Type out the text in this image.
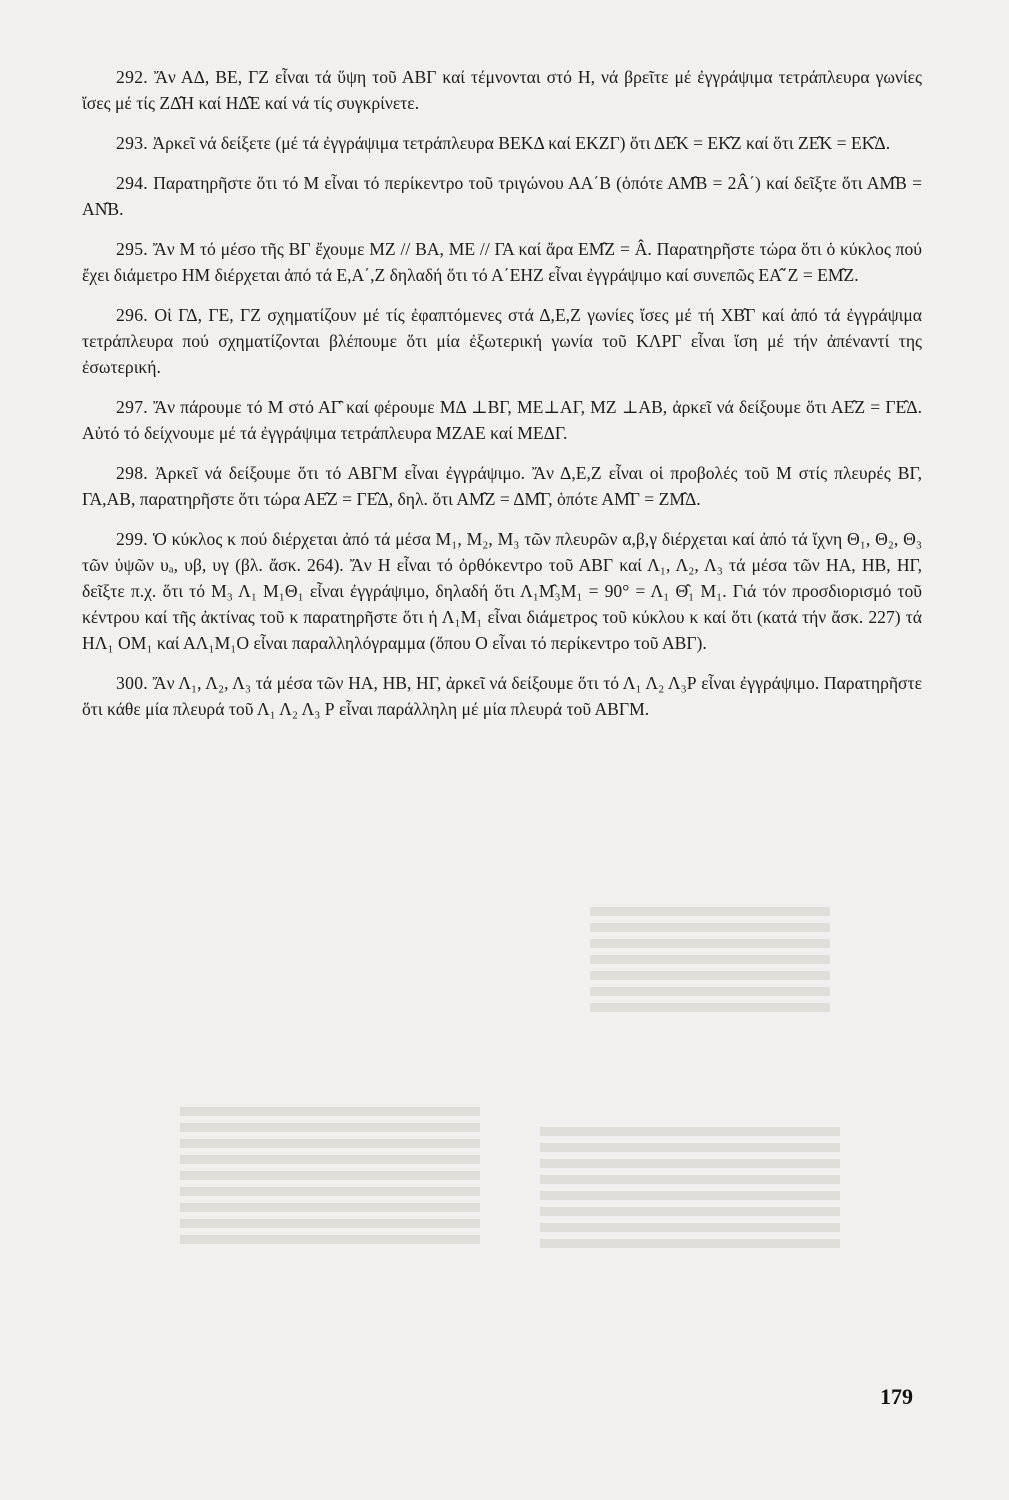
292. Ἄν ΑΔ, ΒΕ, ΓΖ εἶναι τά ὕψη τοῦ ΑΒΓ καί τέμνονται στό Η, νά βρεῖτε μέ ἐγγράψιμα τετράπλευρα γωνίες ἴσες μέ τίς ΖΔ̂Η καί ΗΔ̂Ε καί νά τίς συγκρίνετε.

293. Ἀρκεῖ νά δείξετε (μέ τά ἐγγράψιμα τετράπλευρα ΒΕΚΔ καί ΕΚΖΓ) ὅτι ΔΕ̂Κ = ΕΚ̂Ζ καί ὅτι ΖΕ̂Κ = ΕΚ̂Δ.

294. Παρατηρῆστε ὅτι τό Μ εἶναι τό περίκεντρο τοῦ τριγώνου ΑΑ΄Β (ὁπότε ΑΜ̂Β = 2Â΄) καί δεῖξτε ὅτι ΑΜ̂Β = ΑΝ̂Β.

295. Ἄν Μ τό μέσο τῆς ΒΓ ἔχουμε ΜΖ // ΒΑ, ΜΕ // ΓΑ καί ἄρα ΕΜ̂Ζ = Â. Παρατηρῆστε τώρα ὅτι ὁ κύκλος πού ἔχει διάμετρο ΗΜ διέρχεται ἀπό τά Ε,Α΄,Ζ δηλαδή ὅτι τό Α΄ΕΗΖ εἶναι ἐγγράψιμο καί συνεπῶς ΕΑ̂΄Ζ = ΕΜ̂Ζ.

296. Οἱ ΓΔ, ΓΕ, ΓΖ σχηματίζουν μέ τίς ἐφαπτόμενες στά Δ,Ε,Ζ γωνίες ἴσες μέ τή ΧΒ̂Γ καί ἀπό τά ἐγγράψιμα τετράπλευρα πού σχηματίζονται βλέπουμε ὅτι μία ἐξωτερική γωνία τοῦ ΚΛΡΓ εἶναι ἴση μέ τήν ἀπέναντί της ἐσωτερική.

297. Ἄν πάρουμε τό Μ στό ΑΓ̑ καί φέρουμε ΜΔ ⊥ΒΓ, ΜΕ⊥ΑΓ, ΜΖ ⊥ΑΒ, ἀρκεῖ νά δείξουμε ὅτι ΑΕ̂Ζ = ΓΕ̂Δ. Αὐτό τό δείχνουμε μέ τά ἐγγράψιμα τετράπλευρα ΜΖΑΕ καί ΜΕΔΓ.

298. Ἀρκεῖ νά δείξουμε ὅτι τό ΑΒΓΜ εἶναι ἐγγράψιμο. Ἄν Δ,Ε,Ζ εἶναι οἱ προβολές τοῦ Μ στίς πλευρές ΒΓ, ΓΑ,ΑΒ, παρατηρῆστε ὅτι τώρα ΑΕ̂Ζ = ΓΕ̂Δ, δηλ. ὅτι ΑΜ̂Ζ = ΔΜ̂Γ, ὁπότε ΑΜ̂Γ = ΖΜ̂Δ.

299. Ὁ κύκλος κ πού διέρχεται ἀπό τά μέσα Μ₁, Μ₂, Μ₃ τῶν πλευρῶν α,β,γ διέρχεται καί ἀπό τά ἴχνη Θ₁, Θ₂, Θ₃ τῶν ὑψῶν υₐ, υβ, υγ (βλ. ἄσκ. 264). Ἄν Η εἶναι τό ὀρθόκεντρο τοῦ ΑΒΓ καί Λ₁, Λ₂, Λ₃ τά μέσα τῶν ΗΑ, ΗΒ, ΗΓ, δεῖξτε π.χ. ὅτι τό Μ₃ Λ₁ Μ₁Θ₁ εἶναι ἐγγράψιμο, δηλαδή ὅτι Λ₁Μ̂₃Μ₁ = 90° = Λ₁ Θ̂₁ Μ₁. Γιά τόν προσδιορισμό τοῦ κέντρου καί τῆς ἀκτίνας τοῦ κ παρατηρῆστε ὅτι ἡ Λ₁Μ₁ εἶναι διάμετρος τοῦ κύκλου κ καί ὅτι (κατά τήν ἄσκ. 227) τά ΗΛ₁ ΟΜ₁ καί ΑΛ₁Μ₁Ο εἶναι παραλληλόγραμμα (ὅπου Ο εἶναι τό περίκεντρο τοῦ ΑΒΓ).

300. Ἄν Λ₁, Λ₂, Λ₃ τά μέσα τῶν ΗΑ, ΗΒ, ΗΓ, ἀρκεῖ νά δείξουμε ὅτι τό Λ₁ Λ₂ Λ₃Ρ εἶναι ἐγγράψιμο. Παρατηρῆστε ὅτι κάθε μία πλευρά τοῦ Λ₁ Λ₂ Λ₃ Ρ εἶναι παράλληλη μέ μία πλευρά τοῦ ΑΒΓΜ.

179
